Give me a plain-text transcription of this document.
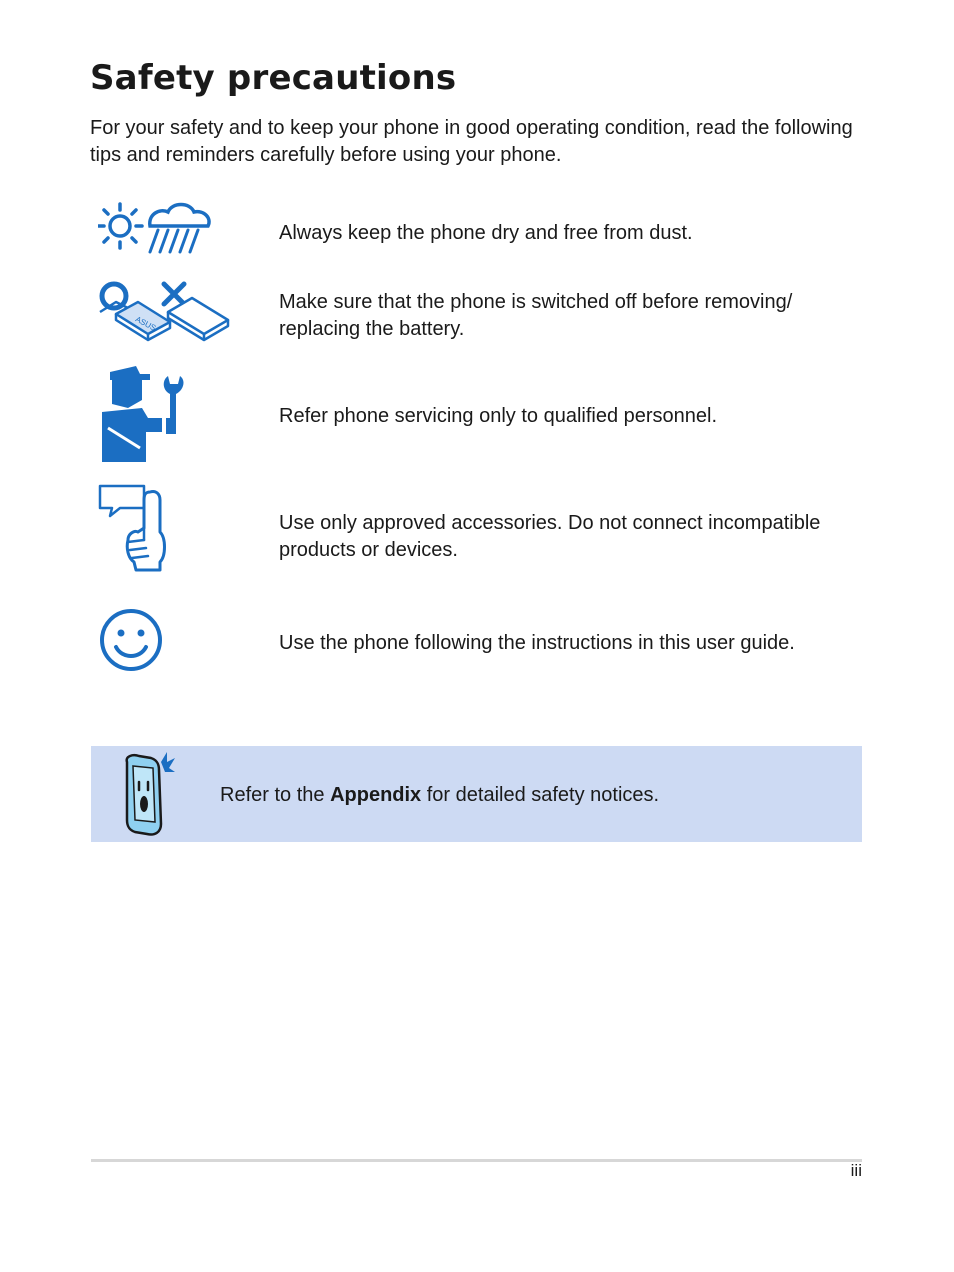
Safety precautions
For your safety and to keep your phone in good operating condition, read the following tips and reminders carefully before using your phone.
Always keep the phone dry and free from dust.
ASUS
Make sure that the phone is switched off before removing/ replacing the battery.
Refer phone servicing only to qualified personnel.
Use only approved accessories. Do not connect incompatible products or devices.
Use the phone following the instructions in this user guide.
Refer to the Appendix for detailed safety notices.
iii
